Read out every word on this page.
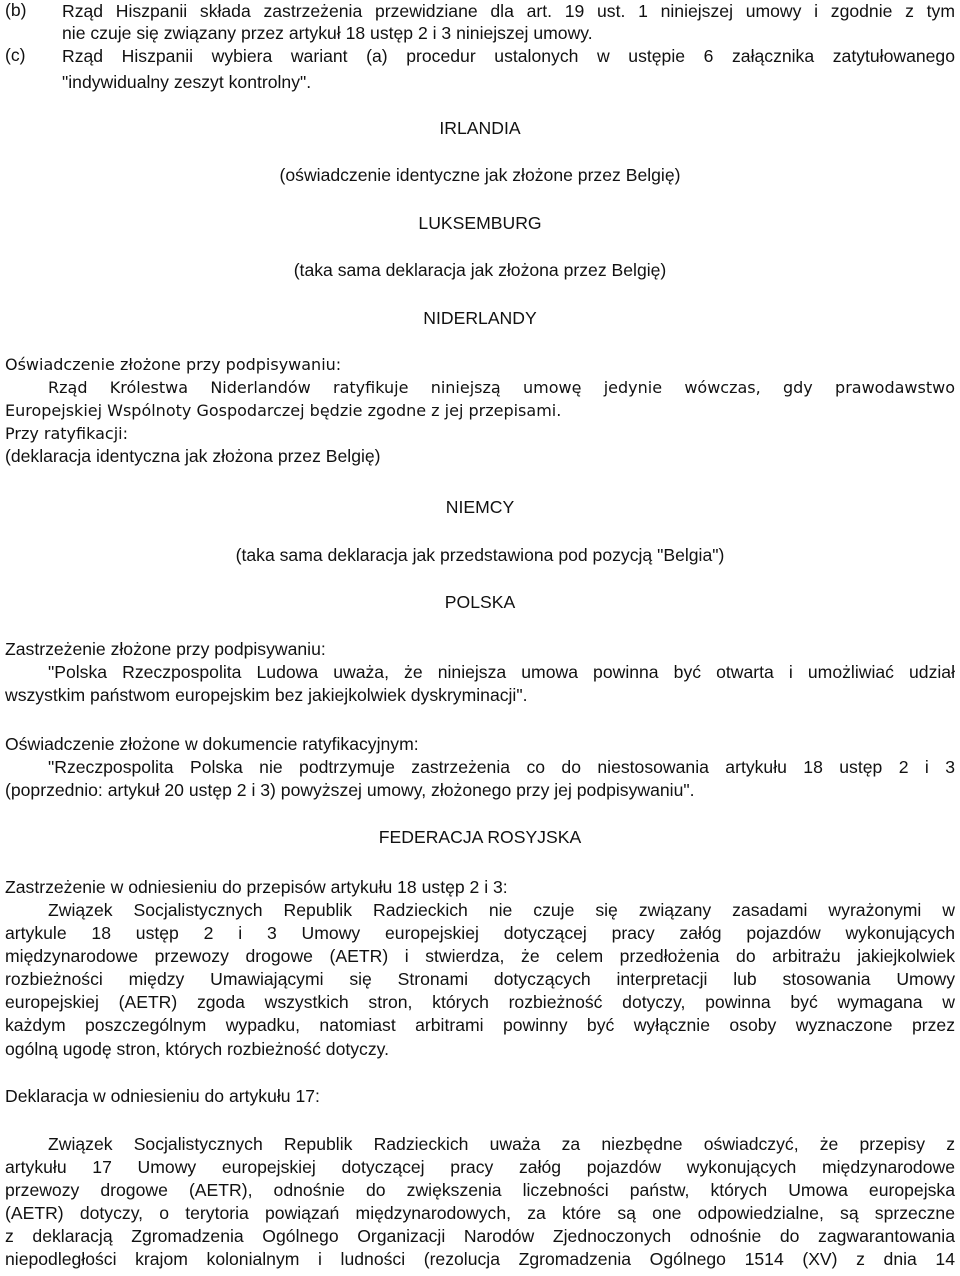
(b) Rząd Hiszpanii składa zastrzeżenia przewidziane dla art. 19 ust. 1 niniejszej umowy i zgodnie z tym
nie czuje się związany przez artykuł 18 ustęp 2 i 3 niniejszej umowy.
(c) Rząd Hiszpanii wybiera wariant (a) procedur ustalonych w ustępie 6 załącznika zatytułowanego
"indywidualny zeszyt kontrolny".
IRLANDIA
(oświadczenie identyczne jak złożone przez Belgię)
LUKSEMBURG
(taka sama deklaracja jak złożona przez Belgię)
NIDERLANDY
Oświadczenie złożone przy podpisywaniu:
Rząd Królestwa Niderlandów ratyfikuje niniejszą umowę jedynie wówczas, gdy prawodawstwo
Europejskiej Wspólnoty Gospodarczej będzie zgodne z jej przepisami.
Przy ratyfikacji:
(deklaracja identyczna jak złożona przez Belgię)
NIEMCY
(taka sama deklaracja jak przedstawiona pod pozycją "Belgia")
POLSKA
Zastrzeżenie złożone przy podpisywaniu:
"Polska Rzeczpospolita Ludowa uważa, że niniejsza umowa powinna być otwarta i umożliwiać udział
wszystkim państwom europejskim bez jakiejkolwiek dyskryminacji".
Oświadczenie złożone w dokumencie ratyfikacyjnym:
"Rzeczpospolita Polska nie podtrzymuje zastrzeżenia co do niestosowania artykułu 18 ustęp 2 i 3
(poprzednio: artykuł 20 ustęp 2 i 3) powyższej umowy, złożonego przy jej podpisywaniu".
FEDERACJA ROSYJSKA
Zastrzeżenie w odniesieniu do przepisów artykułu 18 ustęp 2 i 3:
Związek Socjalistycznych Republik Radzieckich nie czuje się związany zasadami wyrażonymi w
artykule 18 ustęp 2 i 3 Umowy europejskiej dotyczącej pracy załóg pojazdów wykonujących
międzynarodowe przewozy drogowe (AETR) i stwierdza, że celem przedłożenia do arbitrażu jakiejkolwiek
rozbieżności między Umawiającymi się Stronami dotyczących interpretacji lub stosowania Umowy
europejskiej (AETR) zgoda wszystkich stron, których rozbieżność dotyczy, powinna być wymagana w
każdym poszczególnym wypadku, natomiast arbitrami powinny być wyłącznie osoby wyznaczone przez
ogólną ugodę stron, których rozbieżność dotyczy.
Deklaracja w odniesieniu do artykułu 17:
Związek Socjalistycznych Republik Radzieckich uważa za niezbędne oświadczyć, że przepisy z
artykułu 17 Umowy europejskiej dotyczącej pracy załóg pojazdów wykonujących międzynarodowe
przewozy drogowe (AETR), odnośnie do zwiększenia liczebności państw, których Umowa europejska
(AETR) dotyczy, o terytoria powiązań międzynarodowych, za które są one odpowiedzialne, są sprzeczne
z deklaracją Zgromadzenia Ogólnego Organizacji Narodów Zjednoczonych odnośnie do zagwarantowania
niepodległości krajom kolonialnym i ludności (rezolucja Zgromadzenia Ogólnego 1514 (XV) z dnia 14
